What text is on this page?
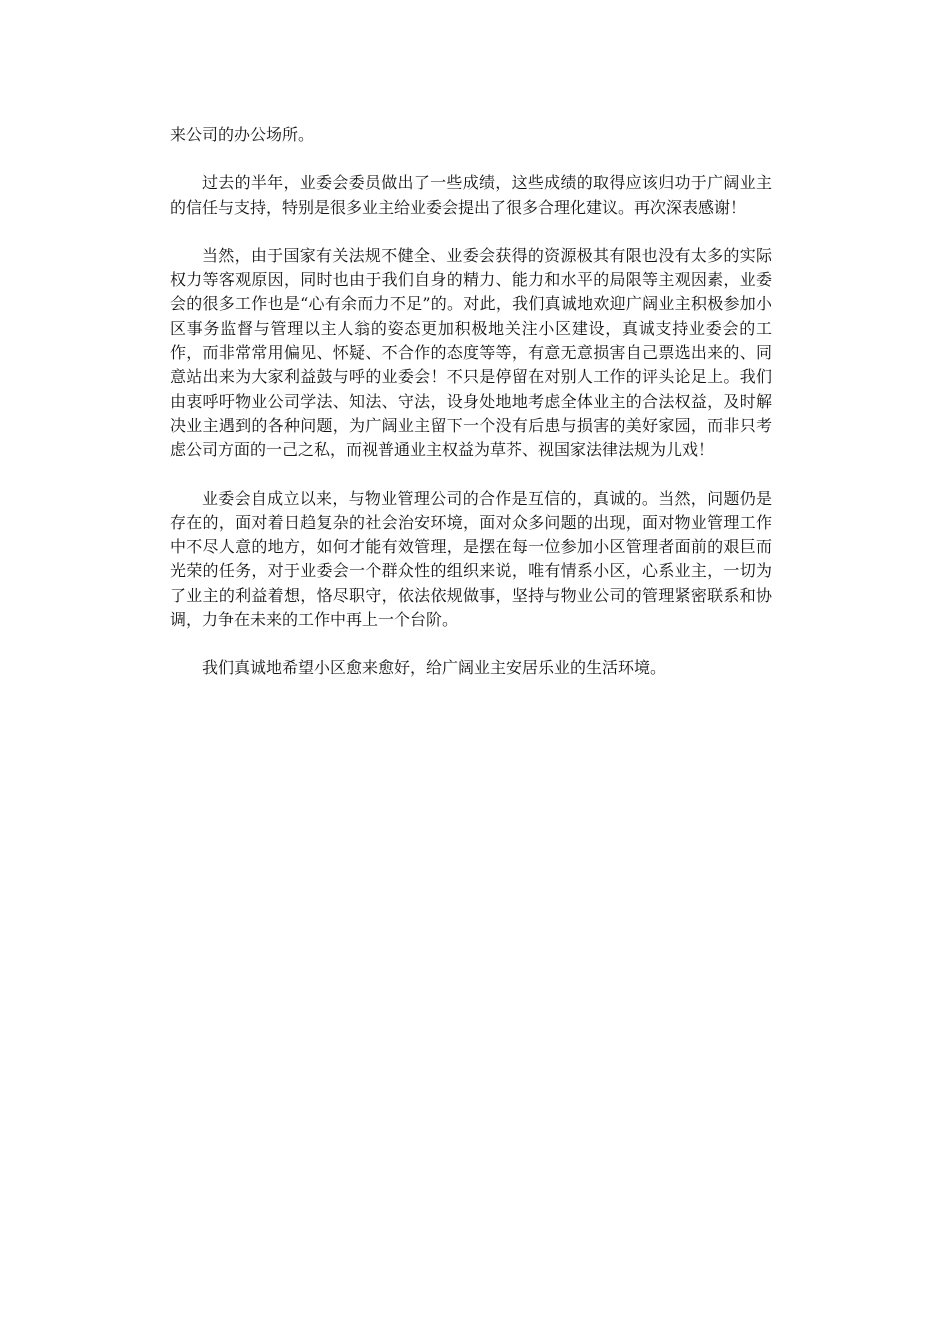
来公司的办公场所。

过去的半年，业委会委员做出了一些成绩，这些成绩的取得应该归功于广阔业主的信任与支持，特别是很多业主给业委会提出了很多合理化建议。再次深表感谢！

当然，由于国家有关法规不健全、业委会获得的资源极其有限也没有太多的实际权力等客观原因，同时也由于我们自身的精力、能力和水平的局限等主观因素，业委会的很多工作也是“心有余而力不足”的。对此，我们真诚地欢迎广阔业主积极参加小区事务监督与管理以主人翁的姿态更加积极地关注小区建设，真诚支持业委会的工作，而非常常用偏见、怀疑、不合作的态度等等，有意无意损害自己票选出来的、同意站出来为大家利益鼓与呼的业委会！不只是停留在对别人工作的评头论足上。我们由衷呼吁物业公司学法、知法、守法，设身处地地考虑全体业主的合法权益，及时解决业主遇到的各种问题，为广阔业主留下一个没有后患与损害的美好家园，而非只考虑公司方面的一己之私，而视普通业主权益为草芥、视国家法律法规为儿戏！

业委会自成立以来，与物业管理公司的合作是互信的，真诚的。当然，问题仍是存在的，面对着日趋复杂的社会治安环境，面对众多问题的出现，面对物业管理工作中不尽人意的地方，如何才能有效管理，是摆在每一位参加小区管理者面前的艰巨而光荣的任务，对于业委会一个群众性的组织来说，唯有情系小区，心系业主，一切为了业主的利益着想，恪尽职守，依法依规做事，坚持与物业公司的管理紧密联系和协调，力争在未来的工作中再上一个台阶。

我们真诚地希望小区愈来愈好，给广阔业主安居乐业的生活环境。
